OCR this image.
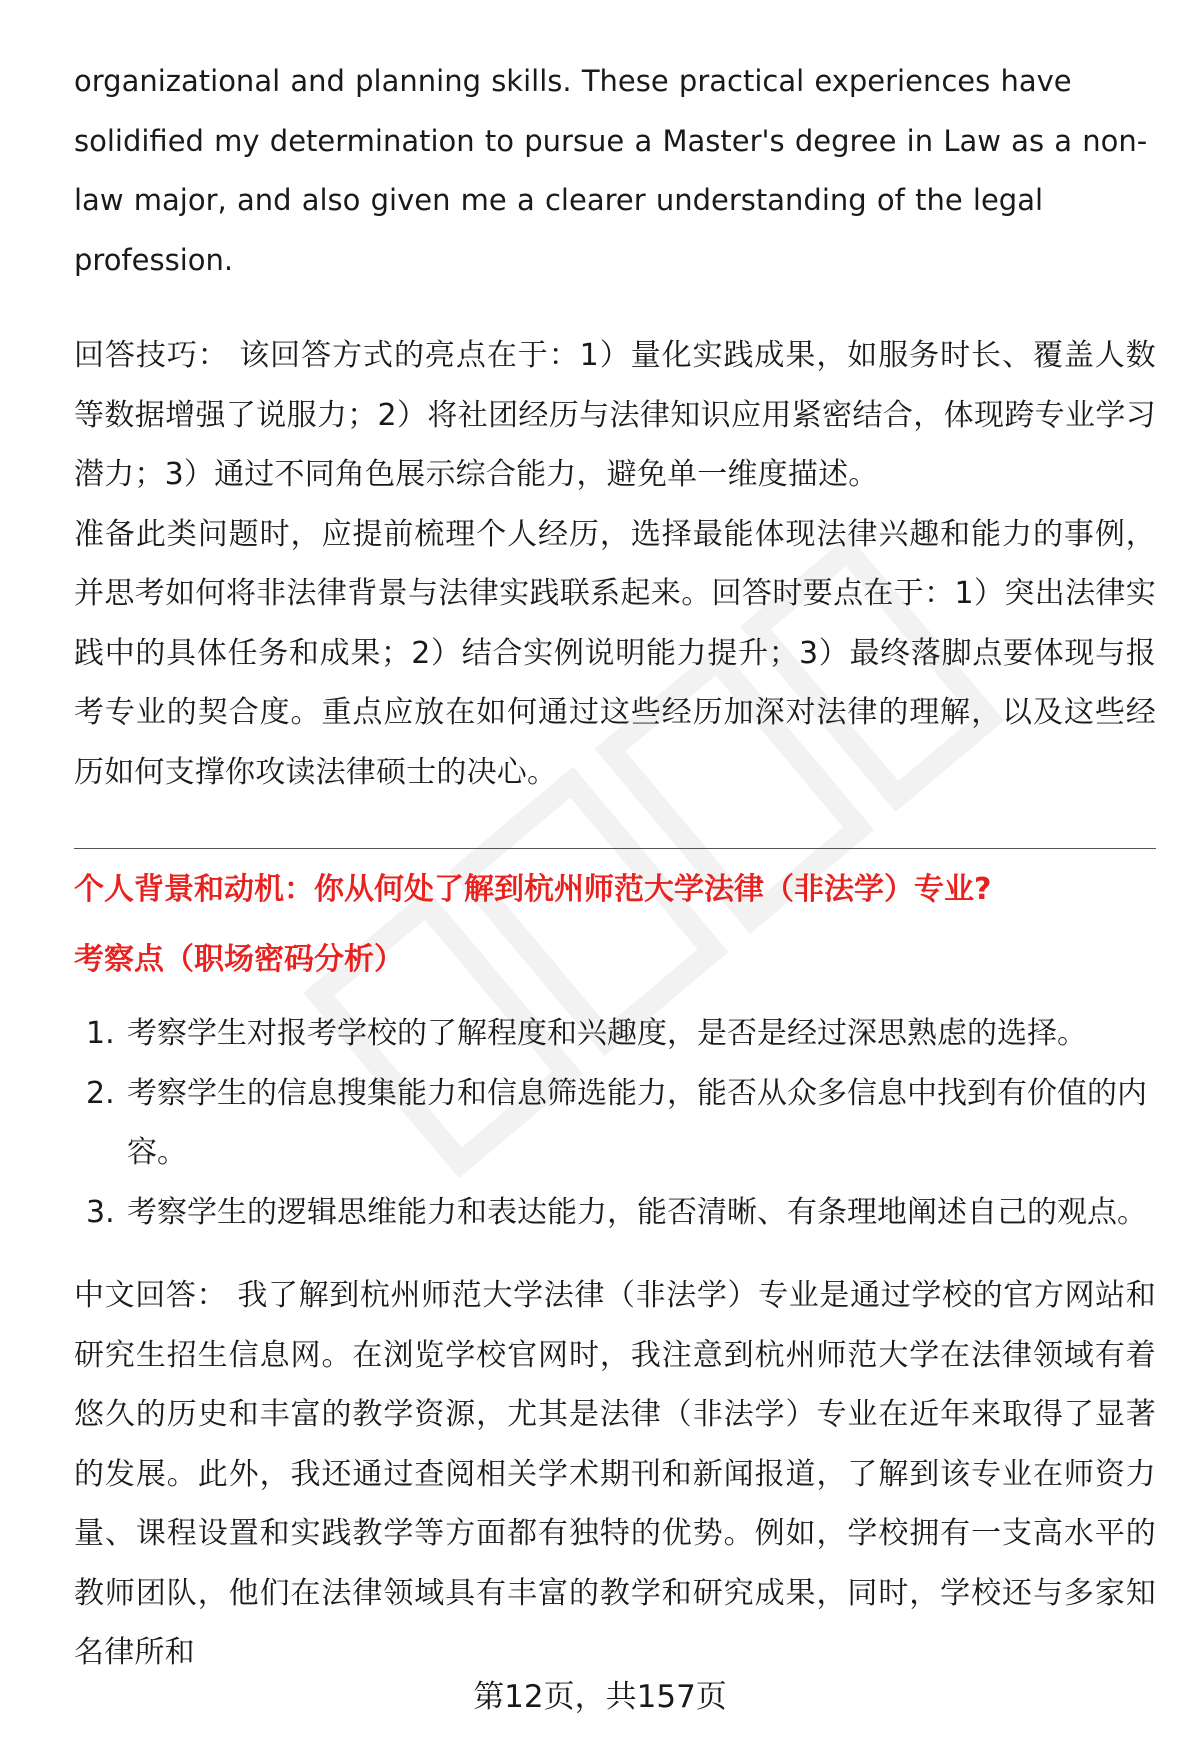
organizational and planning skills. These practical experiences have solidified my determination to pursue a Master's degree in Law as a non-law major, and also given me a clearer understanding of the legal profession.

回答技巧： 该回答方式的亮点在于：1）量化实践成果，如服务时长、覆盖人数等数据增强了说服力；2）将社团经历与法律知识应用紧密结合，体现跨专业学习潜力；3）通过不同角色展示综合能力，避免单一维度描述。

准备此类问题时，应提前梳理个人经历，选择最能体现法律兴趣和能力的事例，并思考如何将非法律背景与法律实践联系起来。回答时要点在于：1）突出法律实践中的具体任务和成果；2）结合实例说明能力提升；3）最终落脚点要体现与报考专业的契合度。重点应放在如何通过这些经历加深对法律的理解，以及这些经历如何支撑你攻读法律硕士的决心。

个人背景和动机：你从何处了解到杭州师范大学法律（非法学）专业?
考察点（职场密码分析）
1. 考察学生对报考学校的了解程度和兴趣度，是否是经过深思熟虑的选择。
2. 考察学生的信息搜集能力和信息筛选能力，能否从众多信息中找到有价值的内容。
3. 考察学生的逻辑思维能力和表达能力，能否清晰、有条理地阐述自己的观点。

中文回答： 我了解到杭州师范大学法律（非法学）专业是通过学校的官方网站和研究生招生信息网。在浏览学校官网时，我注意到杭州师范大学在法律领域有着悠久的历史和丰富的教学资源，尤其是法律（非法学）专业在近年来取得了显著的发展。此外，我还通过查阅相关学术期刊和新闻报道，了解到该专业在师资力量、课程设置和实践教学等方面都有独特的优势。例如，学校拥有一支高水平的教师团队，他们在法律领域具有丰富的教学和研究成果，同时，学校还与多家知名律所和

第12页，共157页
